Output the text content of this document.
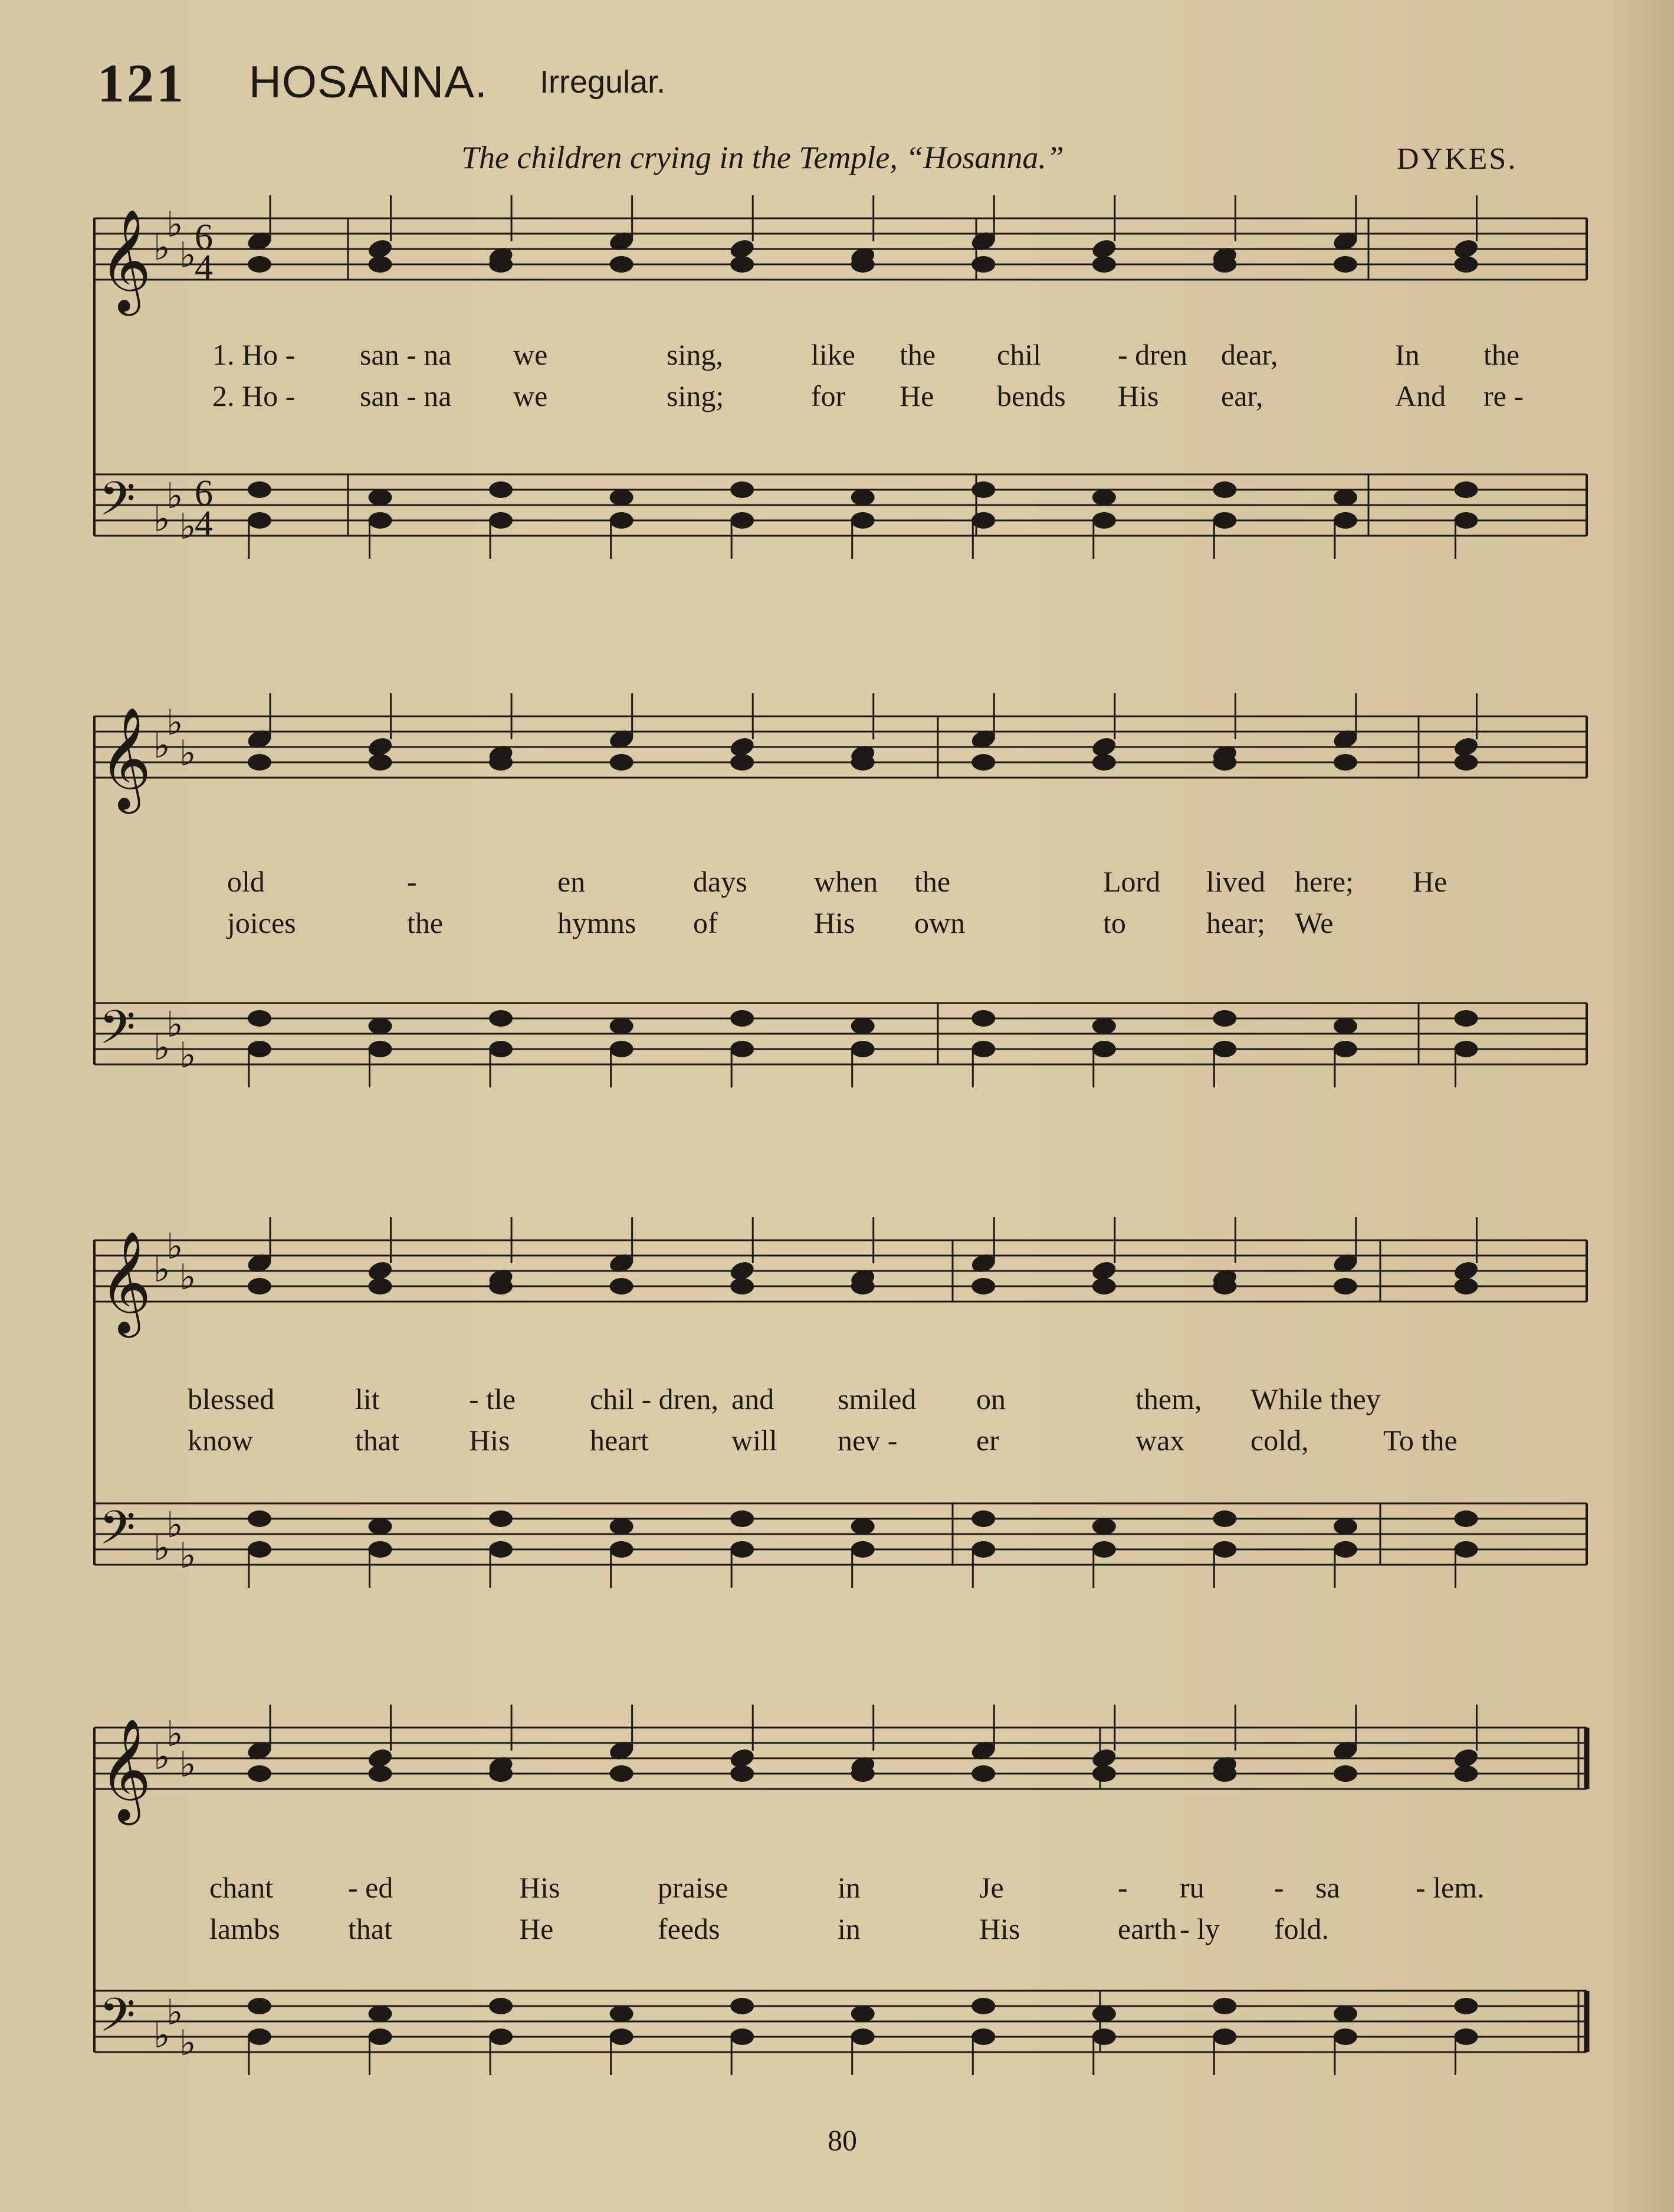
121 HOSANNA. Irregular.
The children crying in the Temple, “Hosanna.”	DYKES.
𝄞 ♭
♭
♭
𝄢 ♭
♭
♭
6
4
6
4
𝄞 ♭
♭
♭
𝄢 ♭
♭
♭
𝄞 ♭
♭
♭
𝄢 ♭
♭
♭
𝄞 ♭
♭
♭
𝄢 ♭
♭
♭
1. Ho - san - na we	sing,	like the chil	- dren dear,	In the
2. Ho - san - na we	sing;	for He bends His ear,	And re -
old	-	en	days when the	Lord lived here; He
joices	the	hymns of	His own	to	hear; We
blessed	lit	- tle	chil - dren, and smiled on	them, While they
know	that His	heart	will nev -	er	wax cold,	To the
chant	- ed	His	praise	in	Je	- ru - sa	- lem.
lambs that	He	feeds	in	His	earth - ly fold.
80
